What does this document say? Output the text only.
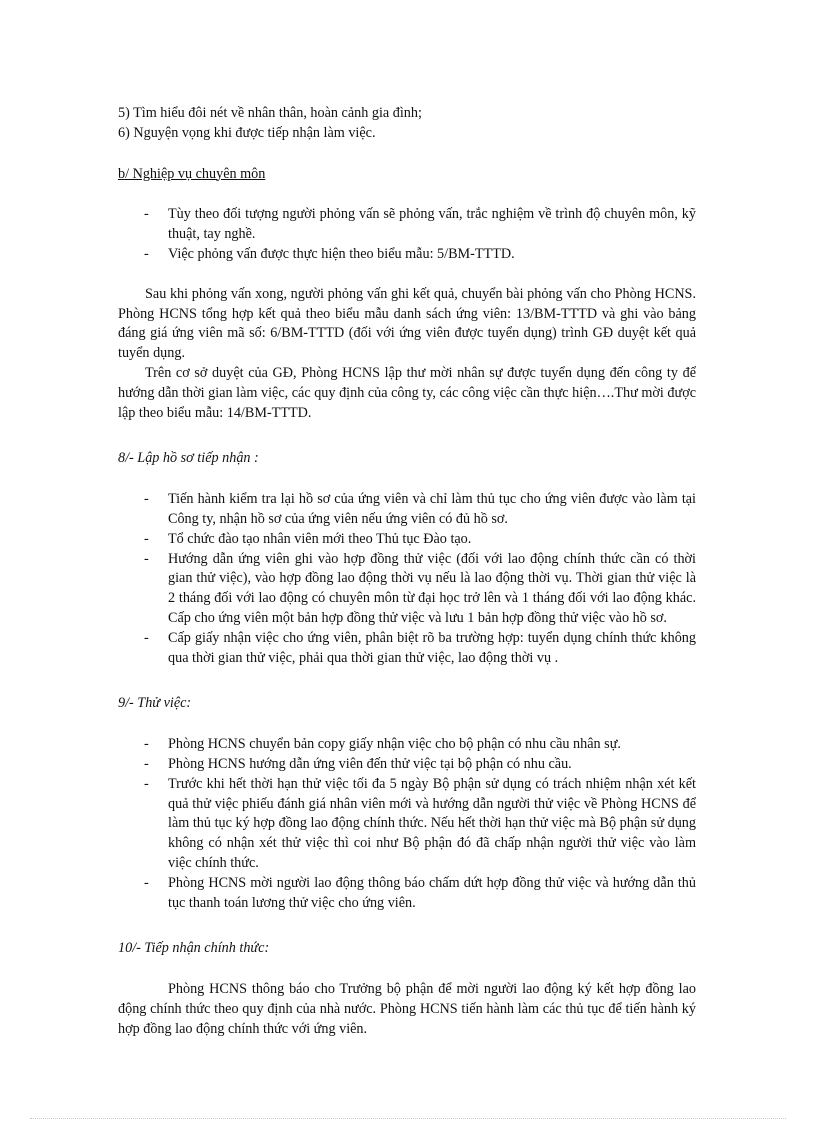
5) Tìm hiểu đôi nét về nhân thân, hoàn cảnh gia đình;

6) Nguyện vọng khi được tiếp nhận làm việc.

b/ Nghiệp vụ chuyên môn

- Tùy theo đối tượng người phỏng vấn sẽ phỏng vấn, trắc nghiệm về trình độ chuyên môn, kỹ thuật, tay nghề.
- Việc phỏng vấn được thực hiện theo biểu mẫu: 5/BM-TTTD.

Sau khi phỏng vấn xong, người phỏng vấn ghi kết quả, chuyển bài phỏng vấn cho Phòng HCNS. Phòng HCNS tổng hợp kết quả theo biểu mẫu danh sách ứng viên: 13/BM-TTTD và ghi vào bảng đáng giá ứng viên mã số: 6/BM-TTTD (đối với ứng viên được tuyển dụng) trình GĐ duyệt kết quả tuyển dụng.

Trên cơ sở duyệt của GĐ, Phòng HCNS lập thư mời nhân sự được tuyển dụng đến công ty để hướng dẫn thời gian làm việc, các quy định của công ty, các công việc cần thực hiện….Thư mời được lập theo biểu mẫu: 14/BM-TTTD.

8/- Lập hồ sơ tiếp nhận :

- Tiến hành kiểm tra lại hồ sơ của ứng viên và chỉ làm thủ tục cho ứng viên được vào làm tại Công ty, nhận hồ sơ của ứng viên nếu ứng viên có đủ hồ sơ.
- Tổ chức đào tạo nhân viên mới theo Thủ tục Đào tạo.
- Hướng dẫn ứng viên ghi vào hợp đồng thử việc (đối với lao động chính thức cần có thời gian thử việc), vào hợp đồng lao động thời vụ nếu là lao động thời vụ. Thời gian thử việc là 2 tháng đối với lao động có chuyên môn từ đại học trở lên và 1 tháng đối với lao động khác. Cấp cho ứng viên một bản hợp đồng thử việc và lưu 1 bản hợp đồng thử việc vào hồ sơ.
- Cấp giấy nhận việc cho ứng viên, phân biệt rõ ba trường hợp: tuyển dụng chính thức không qua thời gian thử việc, phải qua thời gian thử việc, lao động thời vụ .

9/- Thử việc:

- Phòng HCNS chuyển bản copy giấy nhận việc cho bộ phận có nhu cầu nhân sự.
- Phòng HCNS hướng dẫn ứng viên đến thử việc tại bộ phận có nhu cầu.
- Trước khi hết thời hạn thử việc tối đa 5 ngày Bộ phận sử dụng có trách nhiệm nhận xét kết quả thử việc phiếu đánh giá nhân viên mới và hướng dẫn người thử việc về Phòng HCNS để làm thủ tục ký hợp đồng lao động chính thức. Nếu hết thời hạn thử việc mà Bộ phận sử dụng không có nhận xét thử việc thì coi như Bộ phận đó đã chấp nhận người thử việc vào làm việc chính thức.
- Phòng HCNS mời người lao động thông báo chấm dứt hợp đồng thử việc và hướng dẫn thủ tục thanh toán lương thử việc cho ứng viên.

10/- Tiếp nhận chính thức:

Phòng HCNS thông báo cho Trưởng bộ phận để mời người lao động ký kết hợp đồng lao động chính thức theo quy định của nhà nước. Phòng HCNS tiến hành làm các thủ tục để tiến hành ký hợp đồng lao động chính thức với ứng viên.
